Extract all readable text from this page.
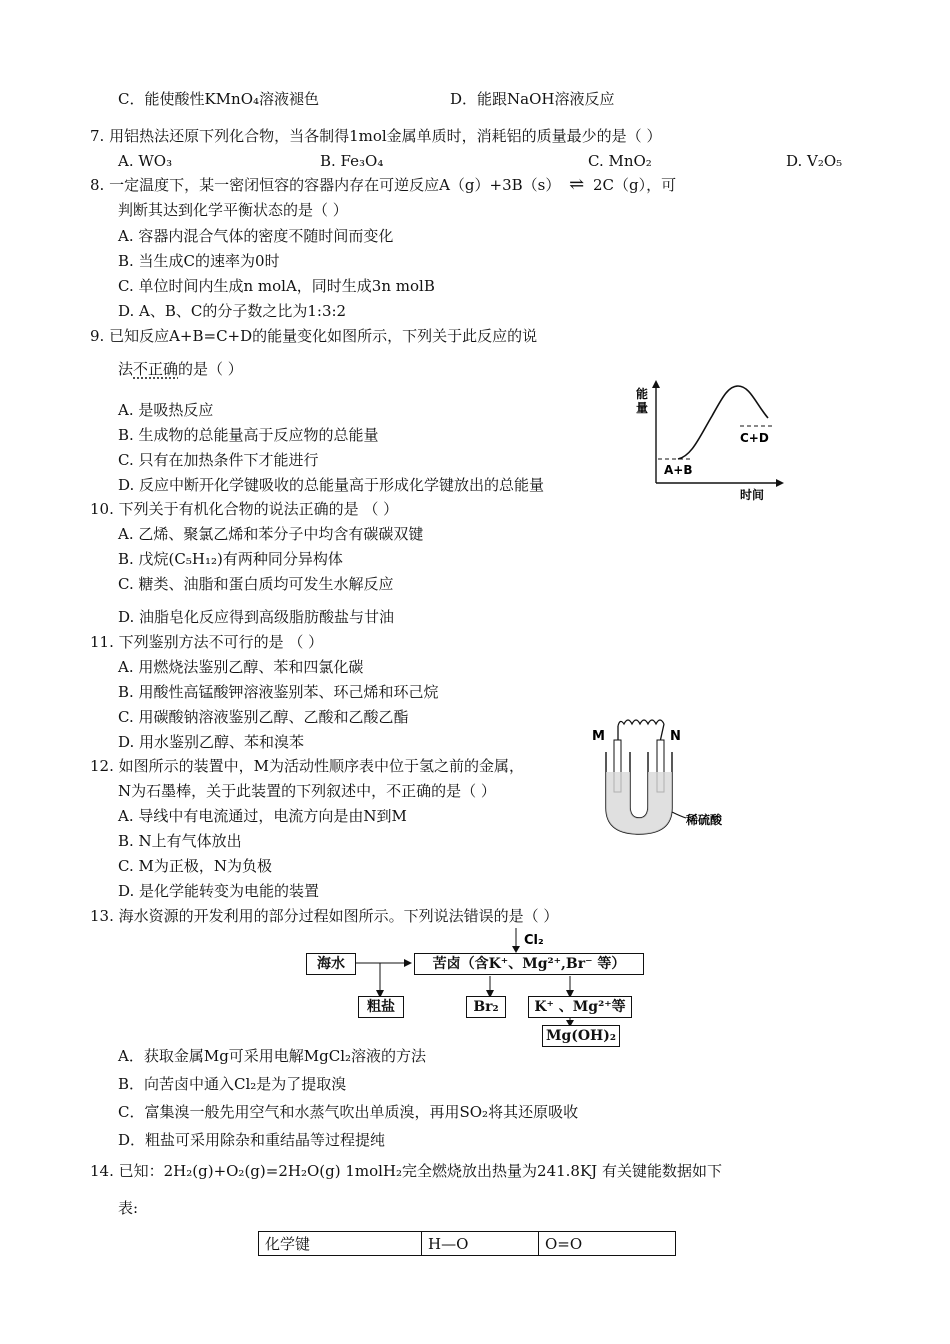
C．能使酸性KMnO₄溶液褪色	D．能跟NaOH溶液反应
7. 用铝热法还原下列化合物，当各制得1mol金属单质时，消耗铝的质量最少的是（ ）
A. WO₃	B. Fe₃O₄	C. MnO₂	D. V₂O₅
8. 一定温度下，某一密闭恒容的容器内存在可逆反应A（g）+3B（s） ⇌ 2C（g），可
判断其达到化学平衡状态的是（ ）
A. 容器内混合气体的密度不随时间而变化
B. 当生成C的速率为0时
C. 单位时间内生成n molA，同时生成3n molB
D. A、B、C的分子数之比为1:3:2
9. 已知反应A+B=C+D的能量变化如图所示，下列关于此反应的说
法不正确的是（ ）
A. 是吸热反应
B. 生成物的总能量高于反应物的总能量
C. 只有在加热条件下才能进行
D. 反应中断开化学键吸收的总能量高于形成化学键放出的总能量
能
量
A+B
C+D
时间
10. 下列关于有机化合物的说法正确的是 （ ）
A. 乙烯、聚氯乙烯和苯分子中均含有碳碳双键
B. 戊烷(C₅H₁₂)有两种同分异构体
C. 糖类、油脂和蛋白质均可发生水解反应
D. 油脂皂化反应得到高级脂肪酸盐与甘油
11. 下列鉴别方法不可行的是 （ ）
A. 用燃烧法鉴别乙醇、苯和四氯化碳
B. 用酸性高锰酸钾溶液鉴别苯、环己烯和环己烷
C. 用碳酸钠溶液鉴别乙醇、乙酸和乙酸乙酯
D. 用水鉴别乙醇、苯和溴苯
12. 如图所示的装置中，M为活动性顺序表中位于氢之前的金属，
N为石墨棒，关于此装置的下列叙述中，不正确的是（ ）
A. 导线中有电流通过，电流方向是由N到M
B. N上有气体放出
C. M为正极，N为负极
D. 是化学能转变为电能的装置
M	N
稀硫酸
13. 海水资源的开发利用的部分过程如图所示。下列说法错误的是（ ）
Cl₂
海水	苦卤（含K⁺、Mg²⁺,Br⁻ 等）
粗盐	Br₂	K⁺ 、Mg²⁺等
Mg(OH)₂
A．获取金属Mg可采用电解MgCl₂溶液的方法
B．向苦卤中通入Cl₂是为了提取溴
C．富集溴一般先用空气和水蒸气吹出单质溴，再用SO₂将其还原吸收
D．粗盐可采用除杂和重结晶等过程提纯
14. 已知：2H₂(g)+O₂(g)=2H₂O(g) 1molH₂完全燃烧放出热量为241.8KJ 有关键能数据如下
表:
化学键	H—O	O=O
